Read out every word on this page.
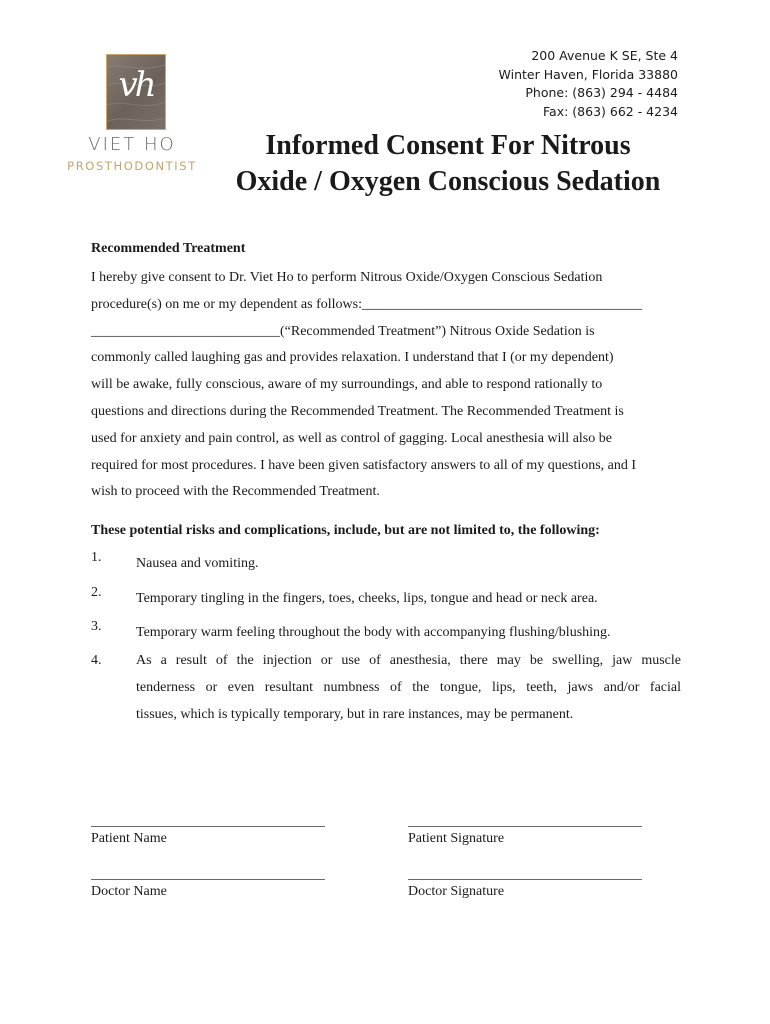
vh
VIET HO
PROSTHODONTIST
200 Avenue K SE, Ste 4
Winter Haven, Florida 33880
Phone: (863) 294 - 4484
Fax: (863) 662 - 4234
Informed Consent For Nitrous
Oxide / Oxygen Conscious Sedation
Recommended Treatment
I hereby give consent to Dr. Viet Ho to perform Nitrous Oxide/Oxygen Conscious Sedation
procedure(s) on me or my dependent as follows:________________________________________
___________________________(“Recommended Treatment”) Nitrous Oxide Sedation is
commonly called laughing gas and provides relaxation. I understand that I (or my dependent)
will be awake, fully conscious, aware of my surroundings, and able to respond rationally to
questions and directions during the Recommended Treatment. The Recommended Treatment is
used for anxiety and pain control, as well as control of gagging. Local anesthesia will also be
required for most procedures. I have been given satisfactory answers to all of my questions, and I
wish to proceed with the Recommended Treatment.
These potential risks and complications, include, but are not limited to, the following:
1. Nausea and vomiting.
2. Temporary tingling in the fingers, toes, cheeks, lips, tongue and head or neck area.
3. Temporary warm feeling throughout the body with accompanying flushing/blushing.
4. As a result of the injection or use of anesthesia, there may be swelling, jaw muscle
tenderness or even resultant numbness of the tongue, lips, teeth, jaws and/or facial
tissues, which is typically temporary, but in rare instances, may be permanent.
Patient Name	Patient Signature
Doctor Name	Doctor Signature
